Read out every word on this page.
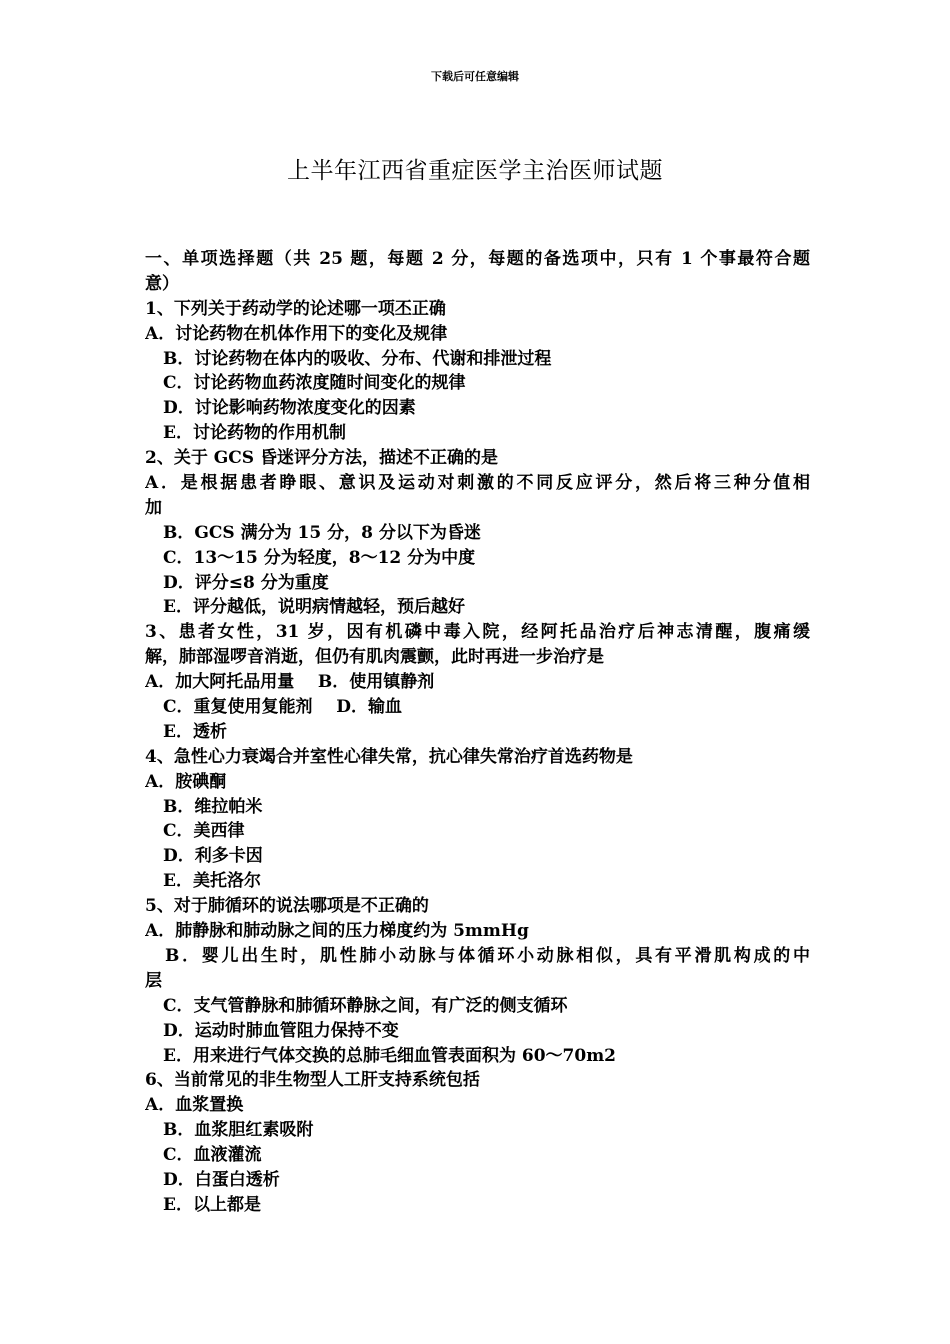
下载后可任意编辑
上半年江西省重症医学主治医师试题
一、单项选择题（共 25 题，每题 2 分，每题的备选项中，只有 1 个事最符合题
意）
1、下列关于药动学的论述哪一项丕正确
A．讨论药物在机体作用下的变化及规律
B．讨论药物在体内的吸收、分布、代谢和排泄过程
C．讨论药物血药浓度随时间变化的规律
D．讨论影响药物浓度变化的因素
E．讨论药物的作用机制
2、关于 GCS 昏迷评分方法，描述不正确的是
A．是根据患者睁眼、意识及运动对刺激的不同反应评分，然后将三种分值相
加
B．GCS 满分为 15 分，8 分以下为昏迷
C．13～15 分为轻度，8～12 分为中度
D．评分≤8 分为重度
E．评分越低，说明病情越轻，预后越好
3、患者女性，31 岁，因有机磷中毒入院，经阿托品治疗后神志清醒，腹痛缓
解，肺部湿啰音消逝，但仍有肌肉震颤，此时再进一步治疗是
A．加大阿托品用量    B．使用镇静剂
C．重复使用复能剂    D．输血
E．透析
4、急性心力衰竭合并室性心律失常，抗心律失常治疗首选药物是
A．胺碘酮
B．维拉帕米
C．美西律
D．利多卡因
E．美托洛尔
5、对于肺循环的说法哪项是不正确的
A．肺静脉和肺动脉之间的压力梯度约为 5mmHg
B．婴儿出生时，肌性肺小动脉与体循环小动脉相似，具有平滑肌构成的中
层
C．支气管静脉和肺循环静脉之间，有广泛的侧支循环
D．运动时肺血管阻力保持不变
E．用来进行气体交换的总肺毛细血管表面积为 60～70m2
6、当前常见的非生物型人工肝支持系统包括
A．血浆置换
B．血浆胆红素吸附
C．血液灌流
D．白蛋白透析
E．以上都是
